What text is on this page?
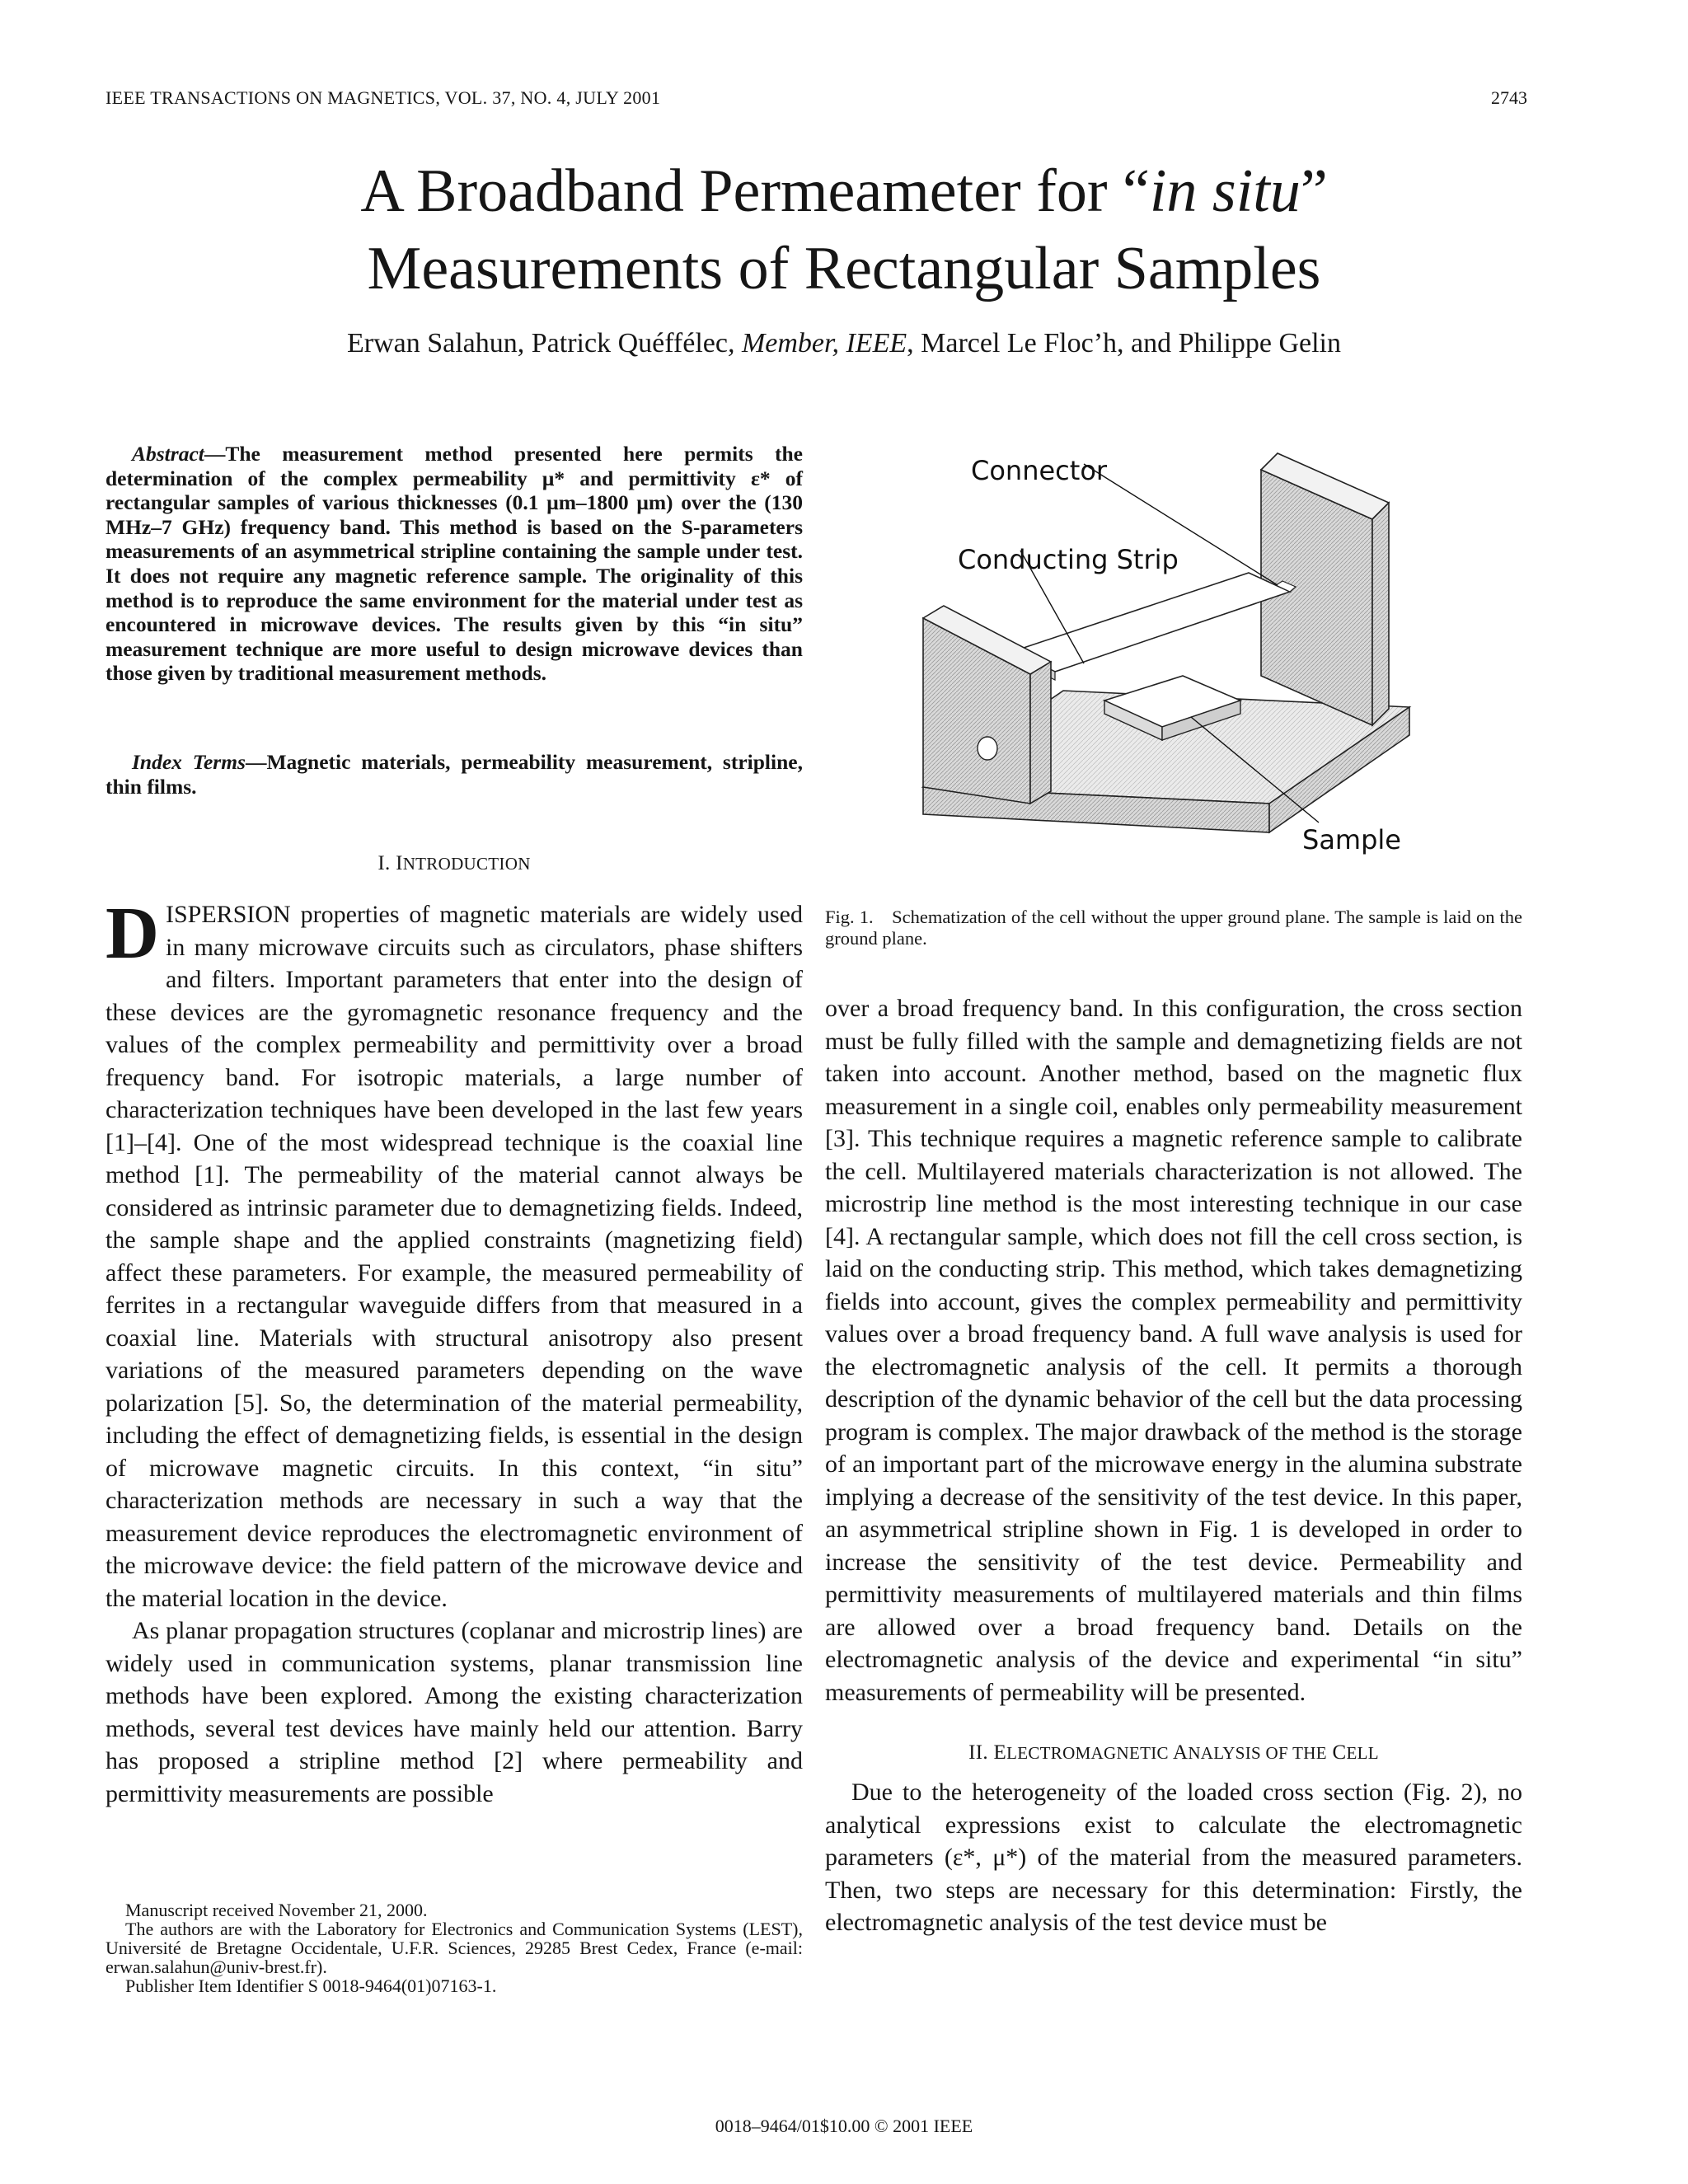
IEEE TRANSACTIONS ON MAGNETICS, VOL. 37, NO. 4, JULY 2001	2743
A Broadband Permeameter for “in situ”
Measurements of Rectangular Samples
Erwan Salahun, Patrick Quéffélec, Member, IEEE, Marcel Le Floc’h, and Philippe Gelin

Abstract—The measurement method presented here permits the determination of the complex permeability μ* and permittivity ε* of rectangular samples of various thicknesses (0.1 μm–1800 μm) over the (130 MHz–7 GHz) frequency band. This method is based on the S-parameters measurements of an asymmetrical stripline containing the sample under test. It does not require any magnetic reference sample. The originality of this method is to reproduce the same environment for the material under test as encountered in microwave devices. The results given by this “in situ” measurement technique are more useful to design microwave devices than those given by traditional measurement methods.

Index Terms—Magnetic materials, permeability measurement, stripline, thin films.

I. INTRODUCTION

DISPERSION properties of magnetic materials are widely used in many microwave circuits such as circulators, phase shifters and filters. Important parameters that enter into the design of these devices are the gyromagnetic resonance frequency and the values of the complex permeability and permittivity over a broad frequency band. For isotropic materials, a large number of characterization techniques have been developed in the last few years [1]–[4]. One of the most widespread technique is the coaxial line method [1]. The permeability of the material cannot always be considered as intrinsic parameter due to demagnetizing fields. Indeed, the sample shape and the applied constraints (magnetizing field) affect these parameters. For example, the measured permeability of ferrites in a rectangular waveguide differs from that measured in a coaxial line. Materials with structural anisotropy also present variations of the measured parameters depending on the wave polarization [5]. So, the determination of the material permeability, including the effect of demagnetizing fields, is essential in the design of microwave magnetic circuits. In this context, “in situ” characterization methods are necessary in such a way that the measurement device reproduces the electromagnetic environment of the microwave device: the field pattern of the microwave device and the material location in the device.

As planar propagation structures (coplanar and microstrip lines) are widely used in communication systems, planar transmission line methods have been explored. Among the existing characterization methods, several test devices have mainly held our attention. Barry has proposed a stripline method [2] where permeability and permittivity measurements are possible

Connector
Conducting Strip
Sample
Fig. 1. Schematization of the cell without the upper ground plane. The sample is laid on the ground plane.

over a broad frequency band. In this configuration, the cross section must be fully filled with the sample and demagnetizing fields are not taken into account. Another method, based on the magnetic flux measurement in a single coil, enables only permeability measurement [3]. This technique requires a magnetic reference sample to calibrate the cell. Multilayered materials characterization is not allowed. The microstrip line method is the most interesting technique in our case [4]. A rectangular sample, which does not fill the cell cross section, is laid on the conducting strip. This method, which takes demagnetizing fields into account, gives the complex permeability and permittivity values over a broad frequency band. A full wave analysis is used for the electromagnetic analysis of the cell. It permits a thorough description of the dynamic behavior of the cell but the data processing program is complex. The major drawback of the method is the storage of an important part of the microwave energy in the alumina substrate implying a decrease of the sensitivity of the test device. In this paper, an asymmetrical stripline shown in Fig. 1 is developed in order to increase the sensitivity of the test device. Permeability and permittivity measurements of multilayered materials and thin films are allowed over a broad frequency band. Details on the electromagnetic analysis of the device and experimental “in situ” measurements of permeability will be presented.

II. ELECTROMAGNETIC ANALYSIS OF THE CELL

Due to the heterogeneity of the loaded cross section (Fig. 2), no analytical expressions exist to calculate the electromagnetic parameters (ε*, μ*) of the material from the measured parameters. Then, two steps are necessary for this determination: Firstly, the electromagnetic analysis of the test device must be

Manuscript received November 21, 2000.

The authors are with the Laboratory for Electronics and Communication Systems (LEST), Université de Bretagne Occidentale, U.F.R. Sciences, 29285 Brest Cedex, France (e-mail: erwan.salahun@univ-brest.fr).

Publisher Item Identifier S 0018-9464(01)07163-1.

0018–9464/01$10.00 © 2001 IEEE
